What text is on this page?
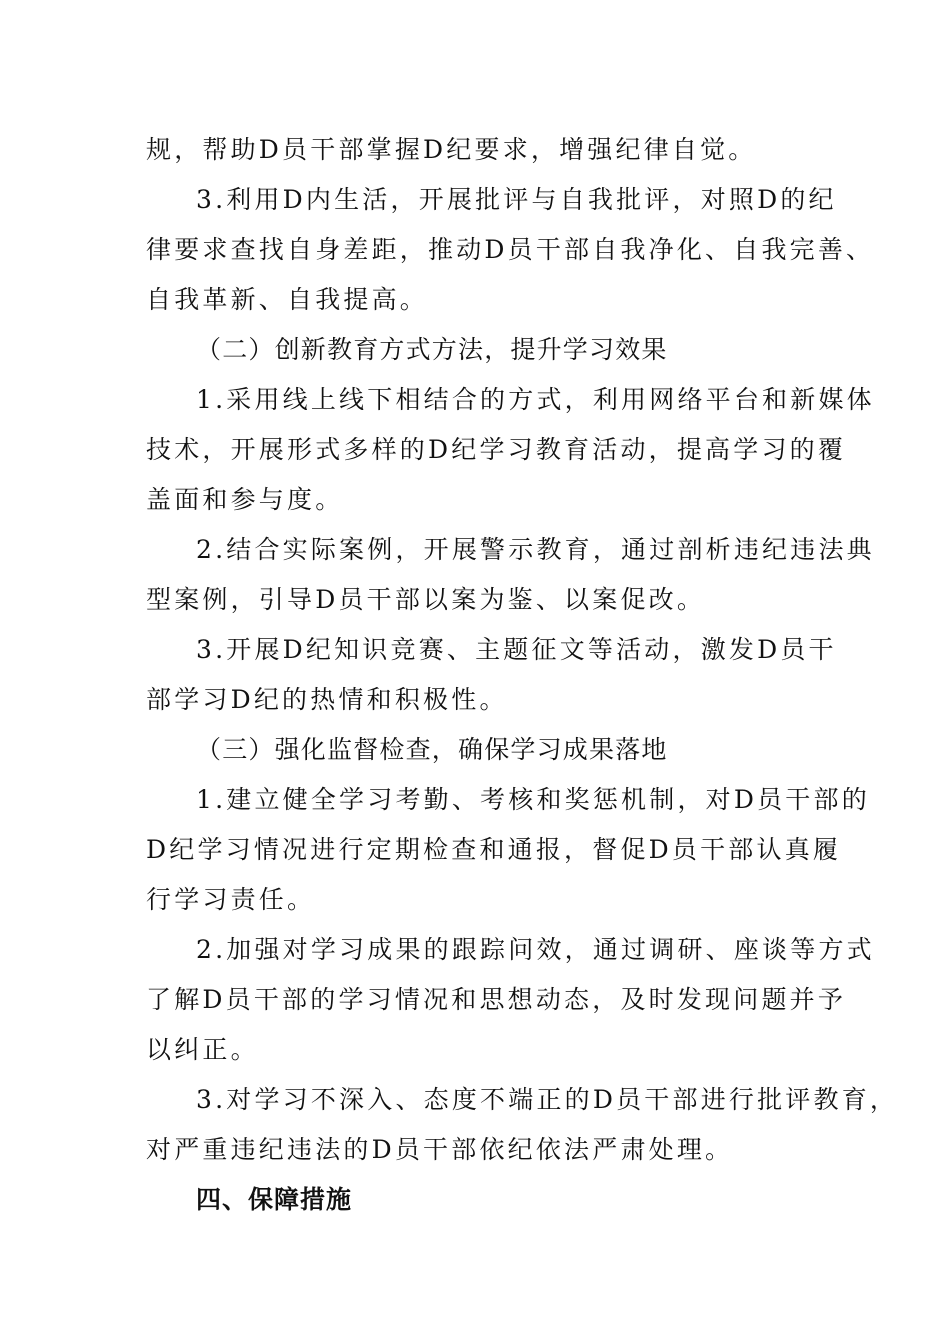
规，帮助D员干部掌握D纪要求，增强纪律自觉。
3.利用D内生活，开展批评与自我批评，对照D的纪
律要求查找自身差距，推动D员干部自我净化、自我完善、
自我革新、自我提高。
（二）创新教育方式方法，提升学习效果
1.采用线上线下相结合的方式，利用网络平台和新媒体
技术，开展形式多样的D纪学习教育活动，提高学习的覆
盖面和参与度。
2.结合实际案例，开展警示教育，通过剖析违纪违法典
型案例，引导D员干部以案为鉴、以案促改。
3.开展D纪知识竞赛、主题征文等活动，激发D员干
部学习D纪的热情和积极性。
（三）强化监督检查，确保学习成果落地
1.建立健全学习考勤、考核和奖惩机制，对D员干部的
D纪学习情况进行定期检查和通报，督促D员干部认真履
行学习责任。
2.加强对学习成果的跟踪问效，通过调研、座谈等方式
了解D员干部的学习情况和思想动态，及时发现问题并予
以纠正。
3.对学习不深入、态度不端正的D员干部进行批评教育，
对严重违纪违法的D员干部依纪依法严肃处理。
四、保障措施
